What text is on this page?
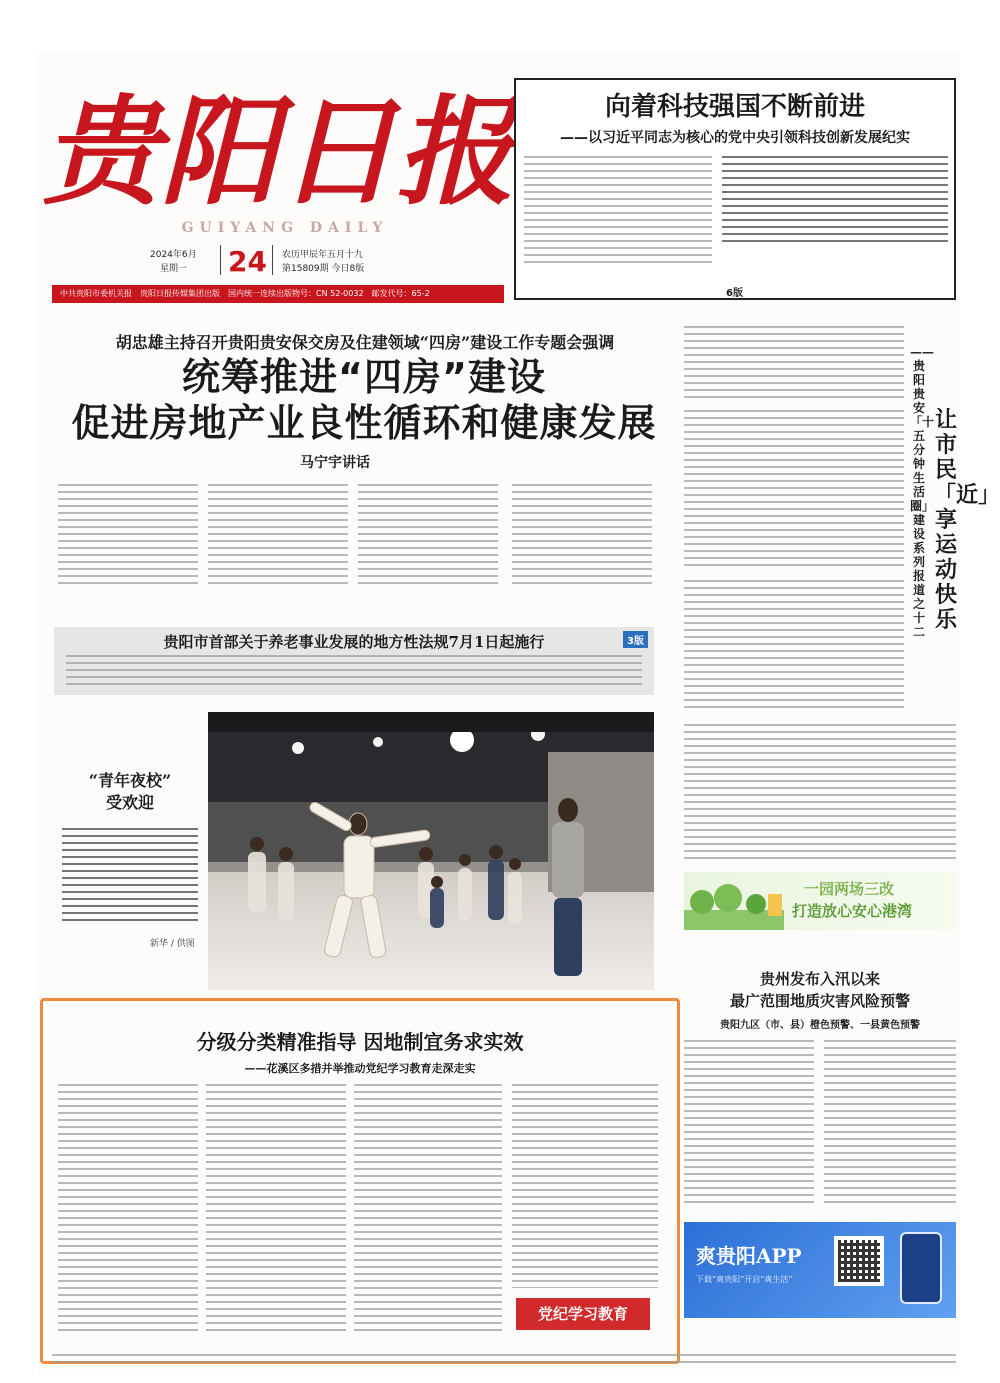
贵阳日报
GUIYANG DAILY
2024年6月
星期一 24 农历甲辰年五月十九
第15809期 今日8版
中共贵阳市委机关报　贵阳日报传媒集团出版　国内统一连续出版物号：CN 52-0032　邮发代号：65-2
向着科技强国不断前进
——以习近平同志为核心的党中央引领科技创新发展纪实
6版
胡忠雄主持召开贵阳贵安保交房及住建领域“四房”建设工作专题会强调
统筹推进“四房”建设
促进房地产业良性循环和健康发展
马宁宇讲话
贵阳市首部关于养老事业发展的地方性法规7月1日起施行	3版
“青年夜校”
受欢迎
新华 / 供图
——贵阳贵安「十五分钟生活圈」建设系列报道之十二
让市民「近」享运动快乐
一园两场三改
打造放心安心港湾
贵州发布入汛以来
最广范围地质灾害风险预警
贵阳九区（市、县）橙色预警、一县黄色预警
爽贵阳APP
下载“爽贵阳”开启“爽生活”
分级分类精准指导 因地制宜务求实效
——花溪区多措并举推动党纪学习教育走深走实
党纪学习教育
